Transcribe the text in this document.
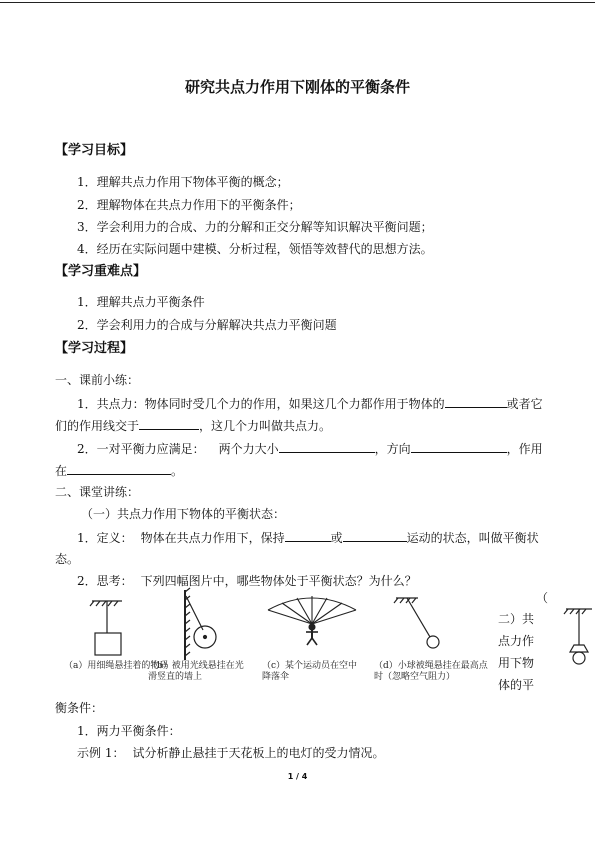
研究共点力作用下刚体的平衡条件
【学习目标】
1．理解共点力作用下物体平衡的概念；
2．理解物体在共点力作用下的平衡条件；
3．学会利用力的合成、力的分解和正交分解等知识解决平衡问题；
4．经历在实际问题中建模、分析过程，领悟等效替代的思想方法。
【学习重难点】
1．理解共点力平衡条件
2．学会利用力的合成与分解解决共点力平衡问题
【学习过程】
一、课前小练：
1．共点力：物体同时受几个力的作用，如果这几个力都作用于物体的	或者它
们的作用线交于	，这几个力叫做共点力。
2．一对平衡力应满足： 两个力大小	，方向	，作用
在	。
二、课堂讲练：
（一）共点力作用下物体的平衡状态：
1．定义： 物体在共点力作用下，保持	或	运动的状态，叫做平衡状
态。
2．思考： 下列四幅图片中，哪些物体处于平衡状态？为什么？
（a）用细绳悬挂着的物码
（b）被用光线悬挂在光滑竖直的墙上
（c）某个运动员在空中降落伞
（d）小球被绳悬挂在最高点时（忽略空气阻力）
（
二）共
点力作
用下物
体的平
衡条件：
1．两力平衡条件：
示例 1： 试分析静止悬挂于天花板上的电灯的受力情况。
1 / 4
